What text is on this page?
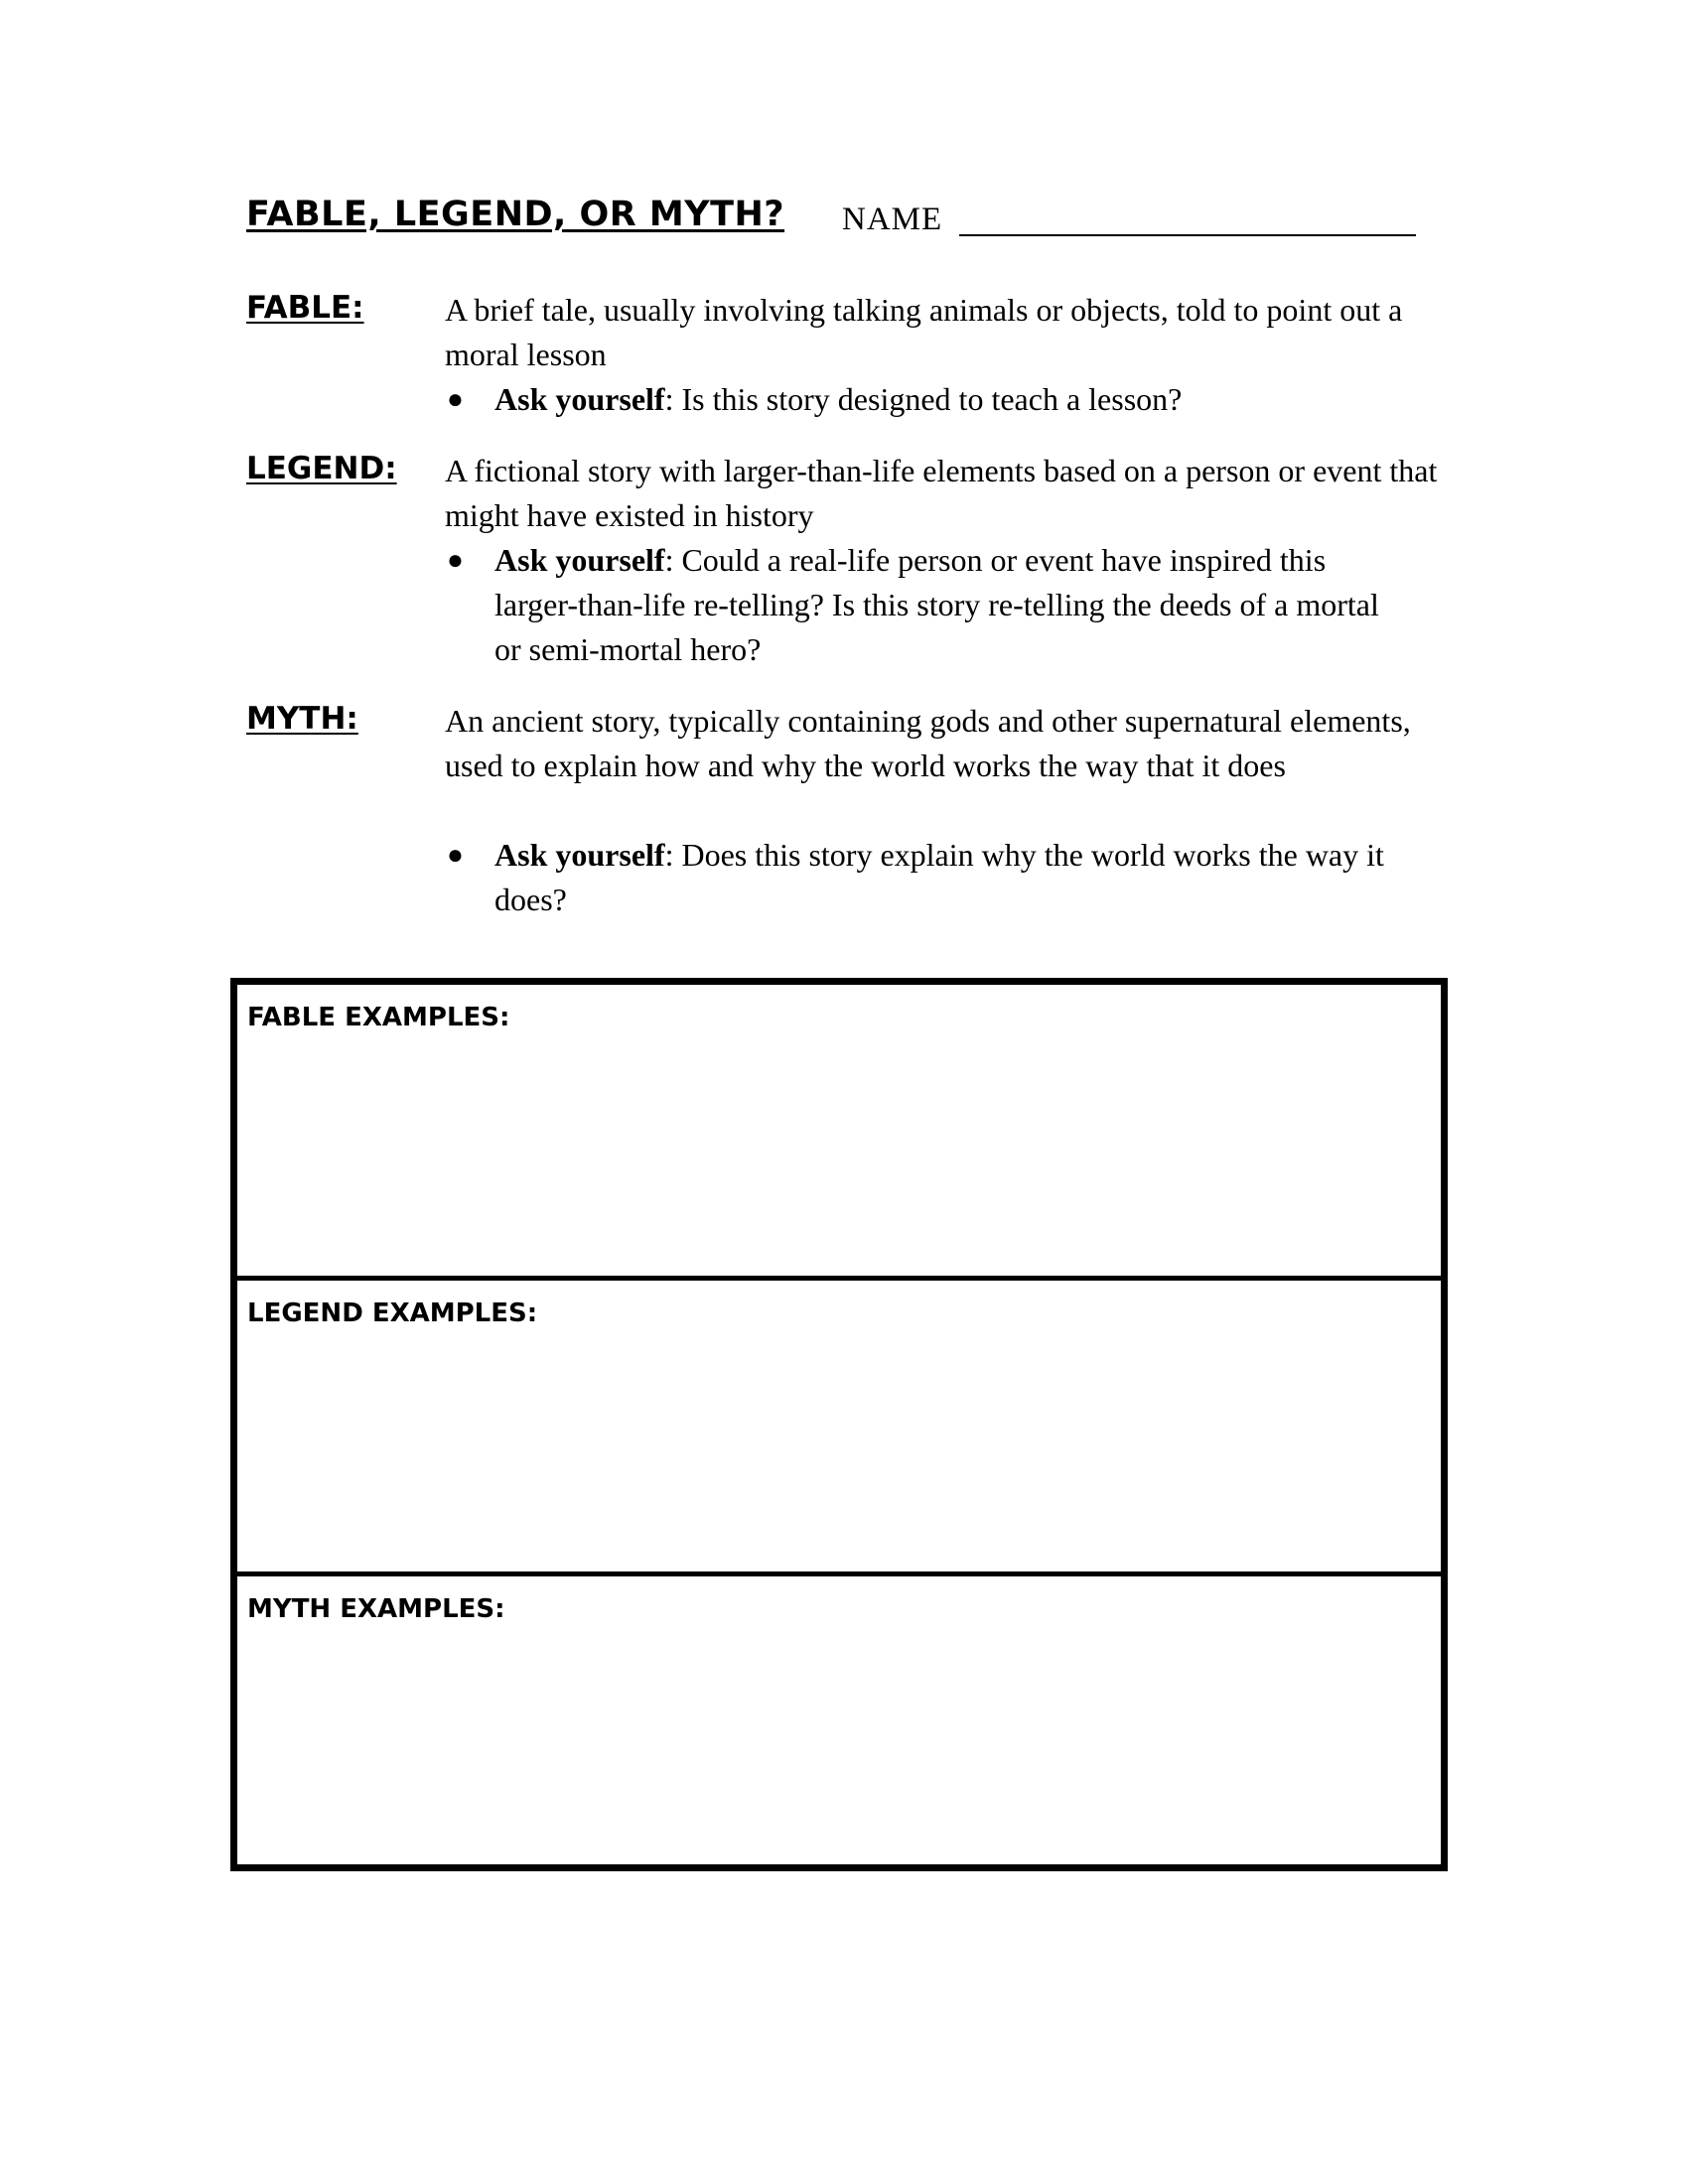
FABLE, LEGEND, OR MYTH? NAME
FABLE:	A brief tale, usually involving talking animals or objects, told to point out a moral lesson
● Ask yourself: Is this story designed to teach a lesson?
LEGEND: A fictional story with larger-than-life elements based on a person or event that might have existed in history
● Ask yourself: Could a real-life person or event have inspired this larger-than-life re-telling? Is this story re-telling the deeds of a mortal or semi-mortal hero?
MYTH:	An ancient story, typically containing gods and other supernatural elements, used to explain how and why the world works the way that it does
● Ask yourself: Does this story explain why the world works the way it does?
FABLE EXAMPLES:
LEGEND EXAMPLES:
MYTH EXAMPLES:
